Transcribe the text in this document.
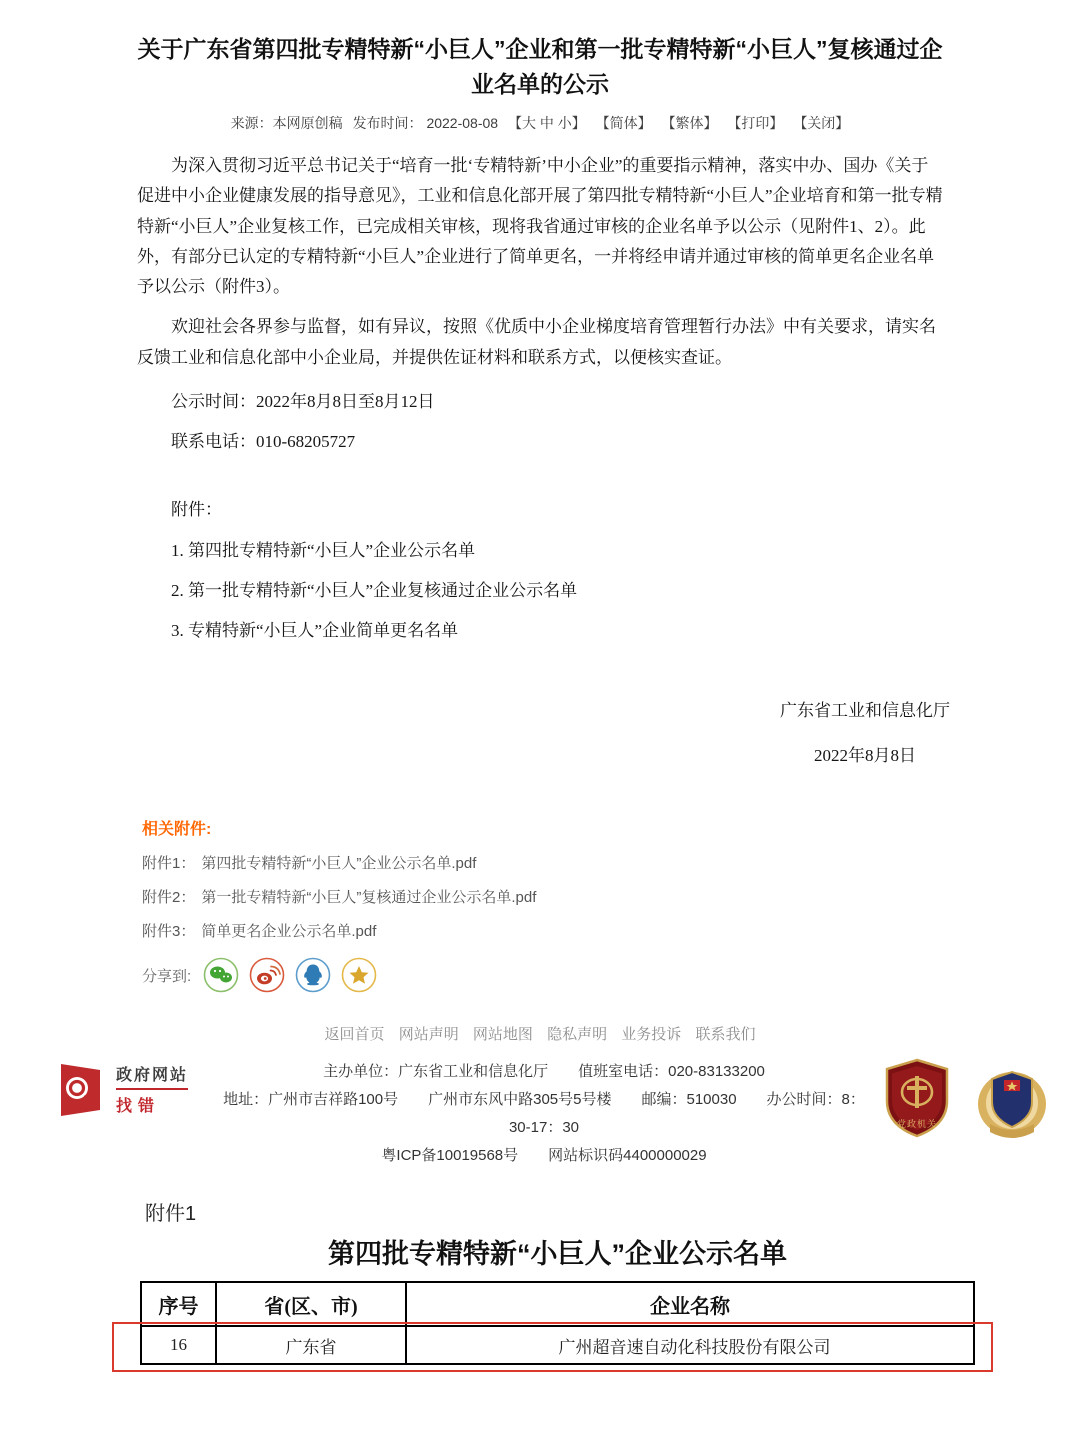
关于广东省第四批专精特新“小巨人”企业和第一批专精特新“小巨人”复核通过企业名单的公示
来源：本网原创稿 发布时间： 2022-08-08 【大 中 小】 【简体】 【繁体】 【打印】 【关闭】

为深入贯彻习近平总书记关于“培育一批‘专精特新’中小企业”的重要指示精神，落实中办、国办《关于促进中小企业健康发展的指导意见》，工业和信息化部开展了第四批专精特新“小巨人”企业培育和第一批专精特新“小巨人”企业复核工作，已完成相关审核，现将我省通过审核的企业名单予以公示（见附件1、2）。此外，有部分已认定的专精特新“小巨人”企业进行了简单更名，一并将经申请并通过审核的简单更名企业名单予以公示（附件3）。

欢迎社会各界参与监督，如有异议，按照《优质中小企业梯度培育管理暂行办法》中有关要求，请实名反馈工业和信息化部中小企业局，并提供佐证材料和联系方式，以便核实查证。

公示时间：2022年8月8日至8月12日

联系电话：010-68205727

附件：

1. 第四批专精特新“小巨人”企业公示名单

2. 第一批专精特新“小巨人”企业复核通过企业公示名单

3. 专精特新“小巨人”企业简单更名名单

广东省工业和信息化厅
2022年8月8日
相关附件:
附件1： 第四批专精特新“小巨人”企业公示名单.pdf
附件2： 第一批专精特新“小巨人”复核通过企业公示名单.pdf
附件3： 简单更名企业公示名单.pdf
分享到:
返回首页 网站声明 网站地图 隐私声明 业务投诉 联系我们
政府网站
找错
主办单位：广东省工业和信息化厅　　值班室电话：020-83133200
地址：广州市吉祥路100号　　广州市东风中路305号5号楼　　邮编：510030　　办公时间：8：30-17：30
粤ICP备10019568号　　网站标识码4400000029
党政机关
附件1
第四批专精特新“小巨人”企业公示名单
序号	省(区、市)	企业名称
16	广东省	广州超音速自动化科技股份有限公司
